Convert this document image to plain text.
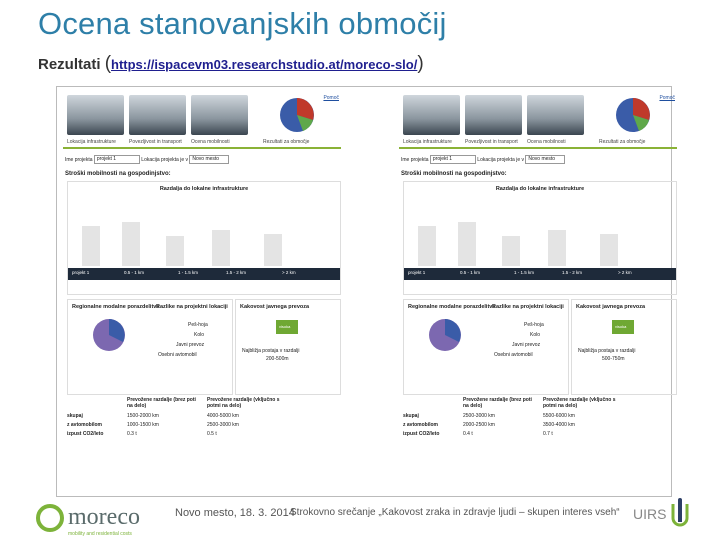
Ocena stanovanjskih območij
Rezultati (https://ispacevm03.researchstudio.at/moreco-slo/)
Pomoč
Lokacija infrastrukture	Povezljivost in transport Ocena mobilnosti	Rezultati za območje
Ime projekta projekt 1	Lokacija projekta je v Novo mesto
Stroški mobilnosti na gospodinjstvo:
Razdalja do lokalne infrastrukture
projekt 1	0.5 - 1 km	1 - 1.5 km	1.5 - 2 km	> 2 km
Regionalne modalne porazdelitve
Razlike na projektni lokaciji
Peš-hoja
Kolo
Javni prevoz
Osebni avtomobil
Kakovost javnega prevoza
visoka
Najbližja postaja v razdalji
200-500m
Prevožene razdalje (brez poti na delo)
Prevožene razdalje (vključno s potmi na delo)
skupaj	1500-2000 km	4000-5000 km
z avtomobilom	1000-1500 km	2500-3000 km
izpust CO2/leto	0.3 t	0.5 t
Pomoč
Lokacija infrastrukture	Povezljivost in transport Ocena mobilnosti	Rezultati za območje
Ime projekta projekt 1	Lokacija projekta je v Novo mesto
Stroški mobilnosti na gospodinjstvo:
Razdalja do lokalne infrastrukture
projekt 1	0.5 - 1 km	1 - 1.5 km	1.5 - 2 km	> 2 km
Regionalne modalne porazdelitve
Razlike na projektni lokaciji
Peš-hoja
Kolo
Javni prevoz
Osebni avtomobil
Kakovost javnega prevoza
visoka
Najbližja postaja v razdalji
500-750m
Prevožene razdalje (brez poti na delo)
Prevožene razdalje (vključno s potmi na delo)
skupaj	2500-3000 km	5500-6000 km
z avtomobilom	2000-2500 km	3500-4000 km
izpust CO2/leto	0.4 t	0.7 t
moreco
mobility and residential costs
Novo mesto, 18. 3. 2014
Strokovno srečanje „Kakovost zraka in zdravje ljudi – skupen interes vseh“ UIRS
